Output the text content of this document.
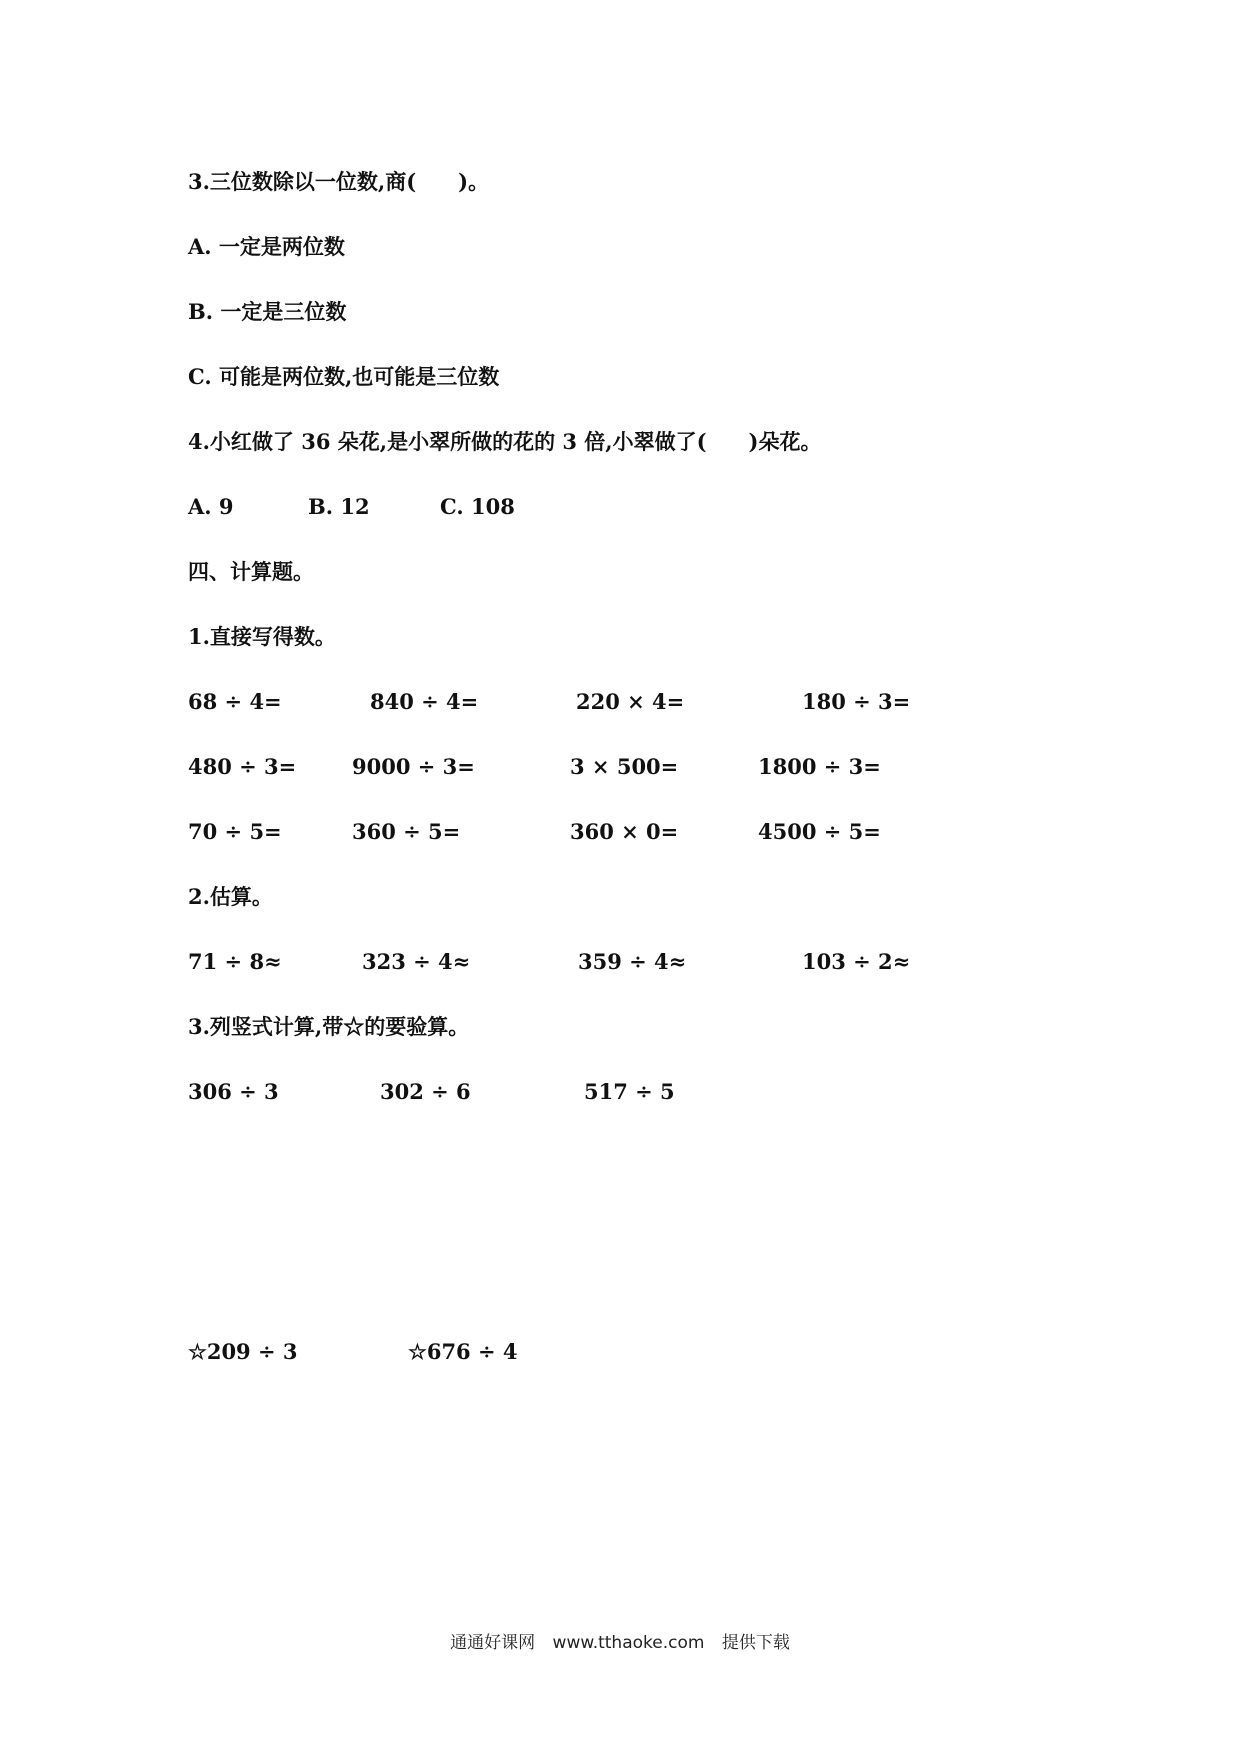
3.三位数除以一位数,商(　　)。
A. 一定是两位数
B. 一定是三位数
C. 可能是两位数,也可能是三位数
4.小红做了 36 朵花,是小翠所做的花的 3 倍,小翠做了(　　)朵花。
A. 9	B. 12	C. 108
四、计算题。
1.直接写得数。
68 ÷ 4=	840 ÷ 4=	220 × 4=	180 ÷ 3=
480 ÷ 3=	9000 ÷ 3=	3 × 500=	1800 ÷ 3=
70 ÷ 5=	360 ÷ 5=	360 × 0=	4500 ÷ 5=
2.估算。
71 ÷ 8≈	323 ÷ 4≈	359 ÷ 4≈	103 ÷ 2≈
3.列竖式计算,带☆的要验算。
306 ÷ 3	302 ÷ 6	517 ÷ 5
☆209 ÷ 3	☆676 ÷ 4
通通好课网 www.tthaoke.com 提供下载
